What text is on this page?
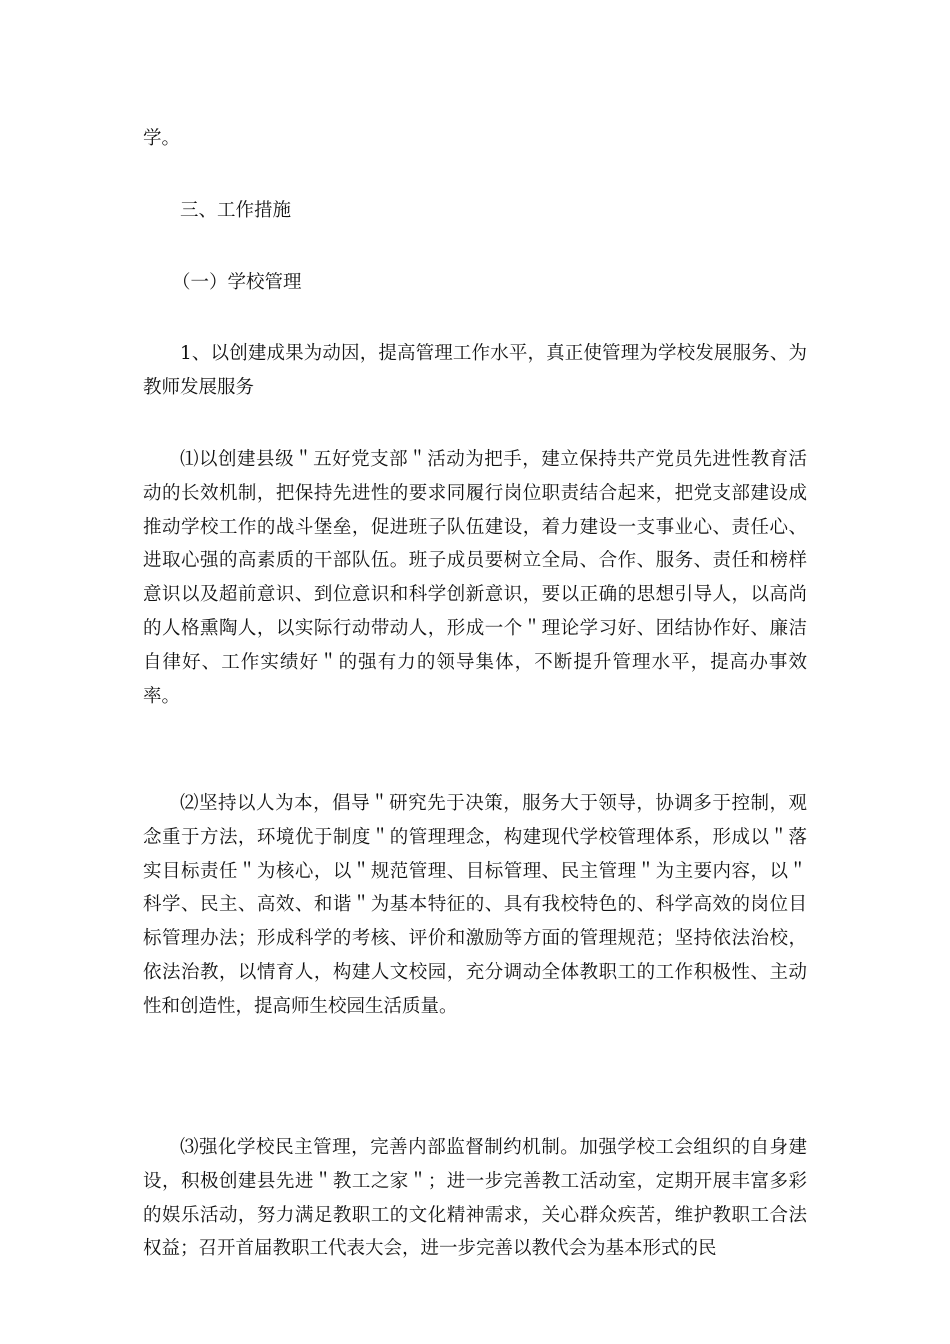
学。

三、工作措施

（一）学校管理

1、以创建成果为动因，提高管理工作水平，真正使管理为学校发展服务、为教师发展服务

⑴以创建县级＂五好党支部＂活动为把手，建立保持共产党员先进性教育活动的长效机制，把保持先进性的要求同履行岗位职责结合起来，把党支部建设成推动学校工作的战斗堡垒，促进班子队伍建设，着力建设一支事业心、责任心、进取心强的高素质的干部队伍。班子成员要树立全局、合作、服务、责任和榜样意识以及超前意识、到位意识和科学创新意识，要以正确的思想引导人，以高尚的人格熏陶人，以实际行动带动人，形成一个＂理论学习好、团结协作好、廉洁自律好、工作实绩好＂的强有力的领导集体，不断提升管理水平，提高办事效率。

⑵坚持以人为本，倡导＂研究先于决策，服务大于领导，协调多于控制，观念重于方法，环境优于制度＂的管理理念，构建现代学校管理体系，形成以＂落实目标责任＂为核心，以＂规范管理、目标管理、民主管理＂为主要内容，以＂科学、民主、高效、和谐＂为基本特征的、具有我校特色的、科学高效的岗位目标管理办法；形成科学的考核、评价和激励等方面的管理规范；坚持依法治校，依法治教，以情育人，构建人文校园，充分调动全体教职工的工作积极性、主动性和创造性，提高师生校园生活质量。

⑶强化学校民主管理，完善内部监督制约机制。加强学校工会组织的自身建设，积极创建县先进＂教工之家＂；进一步完善教工活动室，定期开展丰富多彩的娱乐活动，努力满足教职工的文化精神需求，关心群众疾苦，维护教职工合法权益；召开首届教职工代表大会，进一步完善以教代会为基本形式的民
